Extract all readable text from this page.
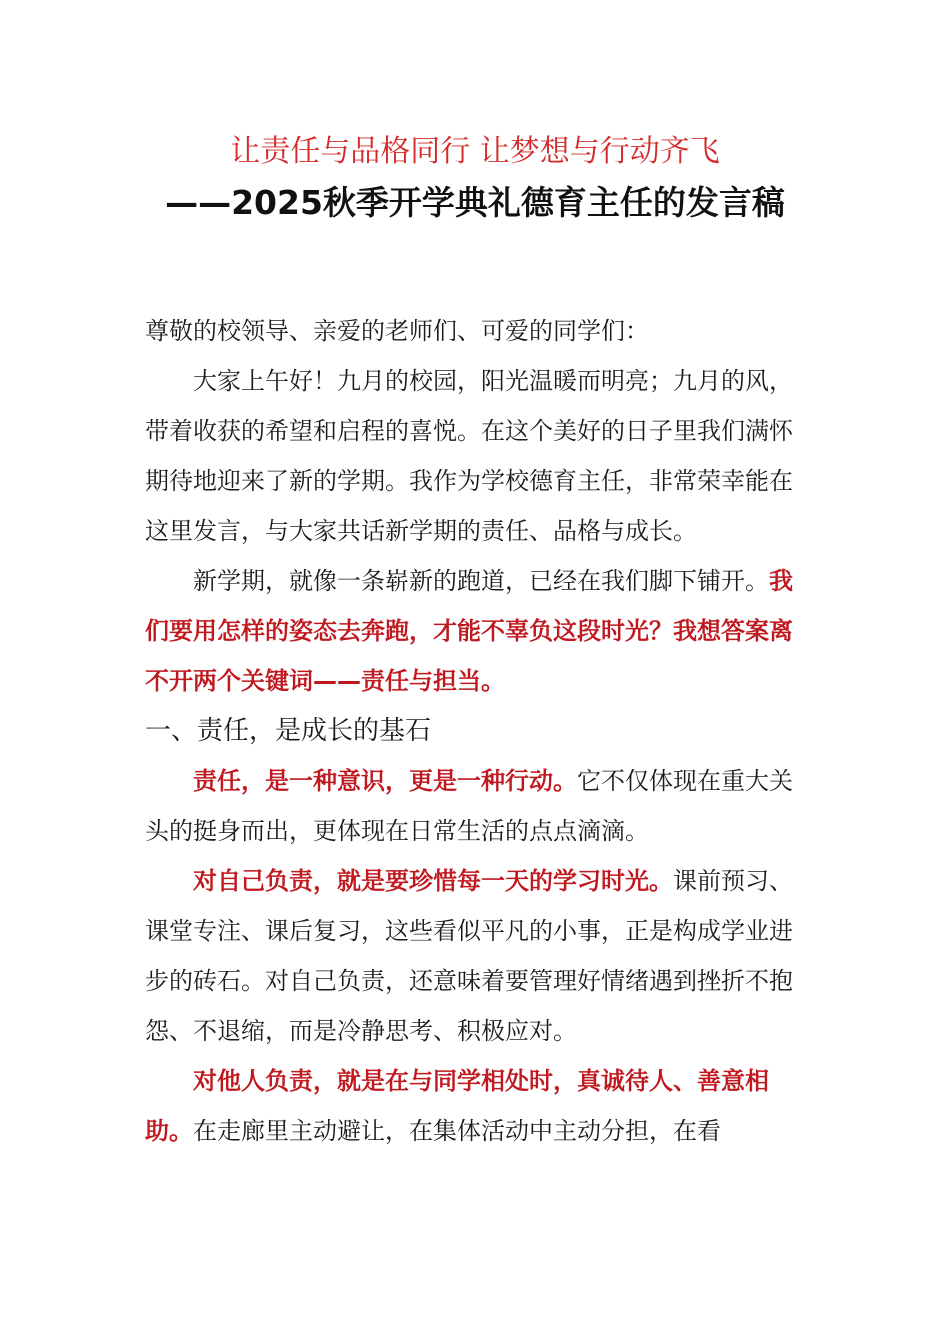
让责任与品格同行 让梦想与行动齐飞
——2025秋季开学典礼德育主任的发言稿

尊敬的校领导、亲爱的老师们、可爱的同学们：

大家上午好！九月的校园，阳光温暖而明亮；九月的风，带着收获的希望和启程的喜悦。在这个美好的日子里我们满怀期待地迎来了新的学期。我作为学校德育主任，非常荣幸能在这里发言，与大家共话新学期的责任、品格与成长。

新学期，就像一条崭新的跑道，已经在我们脚下铺开。我们要用怎样的姿态去奔跑，才能不辜负这段时光？我想答案离不开两个关键词——责任与担当。

一、责任，是成长的基石

责任，是一种意识，更是一种行动。它不仅体现在重大关头的挺身而出，更体现在日常生活的点点滴滴。

对自己负责，就是要珍惜每一天的学习时光。课前预习、课堂专注、课后复习，这些看似平凡的小事，正是构成学业进步的砖石。对自己负责，还意味着要管理好情绪遇到挫折不抱怨、不退缩，而是冷静思考、积极应对。

对他人负责，就是在与同学相处时，真诚待人、善意相助。在走廊里主动避让，在集体活动中主动分担，在看
